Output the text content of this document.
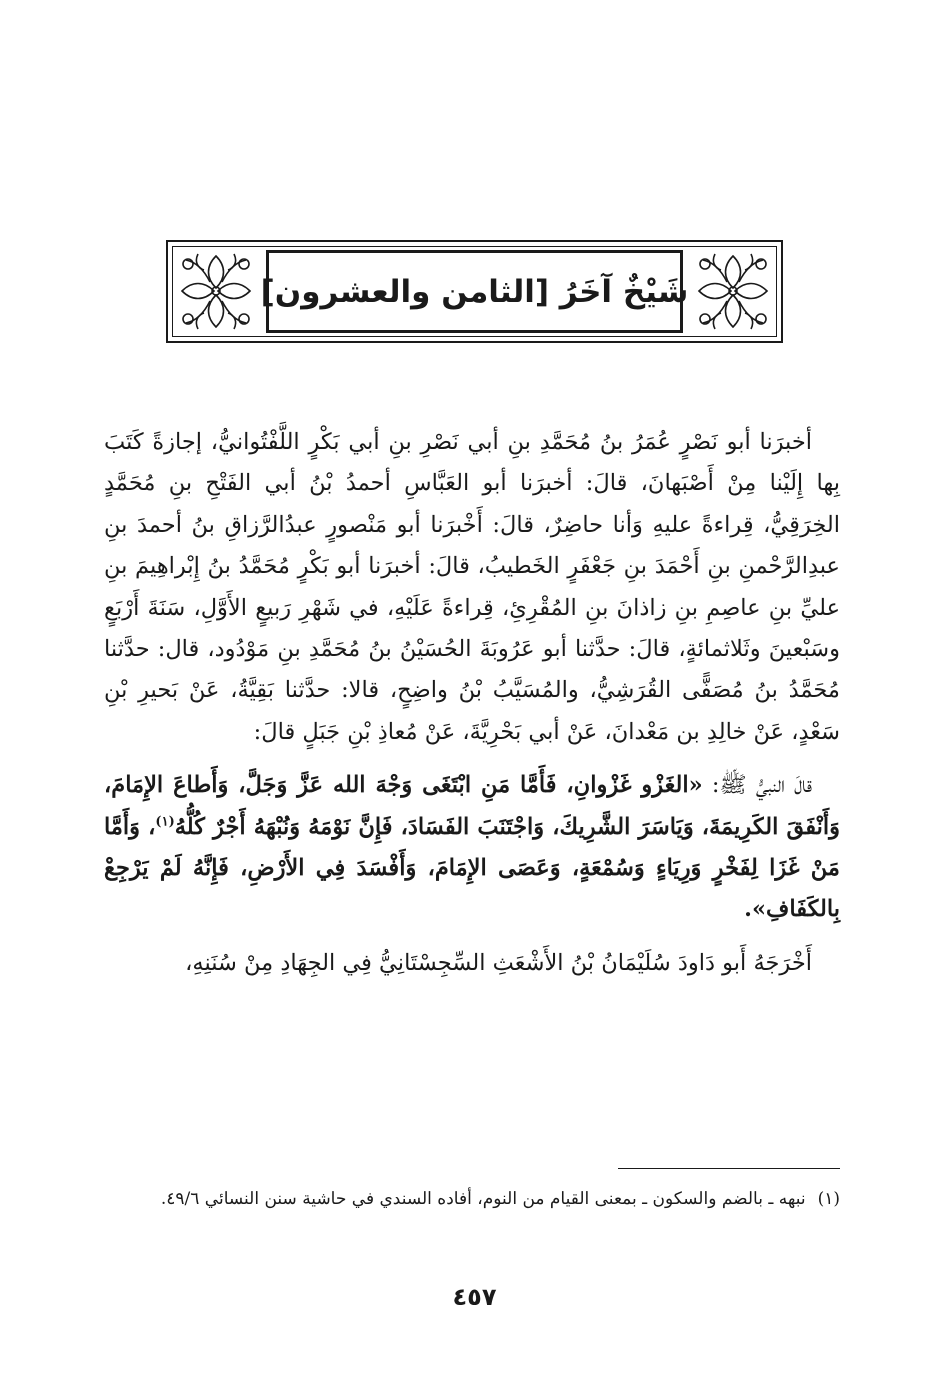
شَيْخٌ آخَرُ [الثامن والعشرون]

أخبرَنا أبو نَصْرٍ عُمَرُ بنُ مُحَمَّدِ بنِ أبي نَصْرِ بنِ أبي بَكْرٍ اللَّفْتُوانيُّ، إجازةً كَتَبَ بِها إِلَيْنا مِنْ أَصْبَهانَ، قالَ: أخبرَنا أبو العَبَّاسِ أحمدُ بْنُ أبي الفَتْحِ بنِ مُحَمَّدٍ الخِرَقِيُّ، قِراءةً عليهِ وَأنا حاضِرٌ، قالَ: أَخْبرَنا أبو مَنْصورٍ عبدُالرَّزاقِ بنُ أحمدَ بنِ عبدِالرَّحْمنِ بنِ أَحْمَدَ بنِ جَعْفَرٍ الخَطيبُ، قالَ: أخبرَنا أبو بَكْرٍ مُحَمَّدُ بنُ إِبْراهِيمَ بنِ عليِّ بنِ عاصِمِ بنِ زاذانَ بنِ المُقْرِئِ، قِراءةً عَلَيْهِ، في شَهْرِ رَبيعٍ الأَوَّلِ، سَنَةَ أَرْبَعٍ وسَبْعينَ وثَلاثمائةٍ، قالَ: حدَّثنا أبو عَرُوبَةَ الحُسَيْنُ بنُ مُحَمَّدِ بنِ مَوْدُود، قال: حدَّثنا مُحَمَّدُ بنُ مُصَفًّى القُرَشِيُّ، والمُسَيَّبُ بْنُ واضِحٍ، قالا: حدَّثنا بَقِيَّةُ، عَنْ بَحيرِ بْنِ سَعْدٍ، عَنْ خالِدِ بن مَعْدانَ، عَنْ أبي بَحْرِيَّةَ، عَنْ مُعاذِ بْنِ جَبَلٍ قالَ:

قالَ النبيُّ ﷺ: «الغَزْو غَزْوانِ، فَأَمَّا مَنِ ابْتَغَى وَجْهَ الله عَزَّ وَجَلَّ، وَأَطاعَ الإِمَامَ، وَأَنْفَقَ الكَرِيمَةَ، وَيَاسَرَ الشَّرِيكَ، وَاجْتَنَبَ الفَسَادَ، فَإِنَّ نَوْمَهُ وَنُبْهَهُ أَجْرٌ كُلُّهُ$^{(١)}$، وَأَمَّا مَنْ غَزَا لِفَخْرٍ وَرِيَاءٍ وَسُمْعَةٍ، وَعَصَى الإِمَامَ، وَأَفْسَدَ فِي الأَرْضِ، فَإِنَّهُ لَمْ يَرْجِعْ بِالكَفَافِ».

أَخْرَجَهُ أَبو دَاودَ سُلَيْمَانُ بْنُ الأَشْعَثِ السِّجِسْتَانِيُّ فِي الجِهَادِ مِنْ سُنَنِهِ،

(١)
نبهه ـ بالضم والسكون ـ بمعنى القيام من النوم، أفاده السندي في حاشية سنن النسائي ٤٩/٦.
٤٥٧
